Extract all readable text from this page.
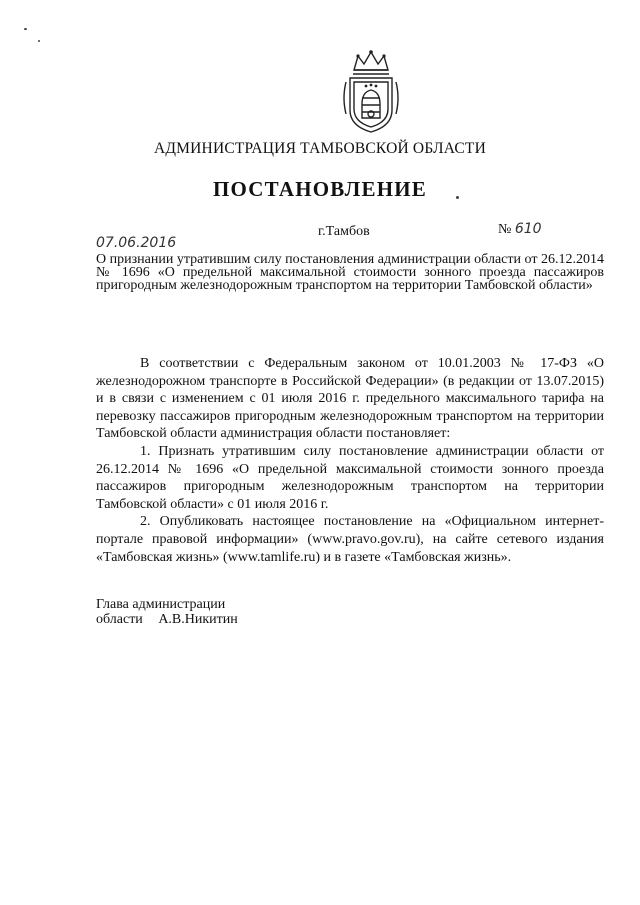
АДМИНИСТРАЦИЯ ТАМБОВСКОЙ ОБЛАСТИ
ПОСТАНОВЛЕНИЕ
г.Тамбов	№ 610
07.06.2016
О признании утратившим силу постановления администрации области от 26.12.2014 № 1696 «О предельной максимальной стоимости зонного проезда пассажиров пригородным железнодорожным транспортом на территории Тамбовской области»

В соответствии с Федеральным законом от 10.01.2003 № 17-ФЗ «О железнодорожном транспорте в Российской Федерации» (в редакции от 13.07.2015) и в связи с изменением с 01 июля 2016 г. предельного максимального тарифа на перевозку пассажиров пригородным железнодорожным транспортом на территории Тамбовской области администрация области постановляет:

1. Признать утратившим силу постановление администрации области от 26.12.2014 № 1696 «О предельной максимальной стоимости зонного проезда пассажиров пригородным железнодорожным транспортом на территории Тамбовской области» с 01 июля 2016 г.

2. Опубликовать настоящее постановление на «Официальном интернет-портале правовой информации» (www.pravo.gov.ru), на сайте сетевого издания «Тамбовская жизнь» (www.tamlife.ru) и в газете «Тамбовская жизнь».

Глава администрации
области А.В.Никитин
